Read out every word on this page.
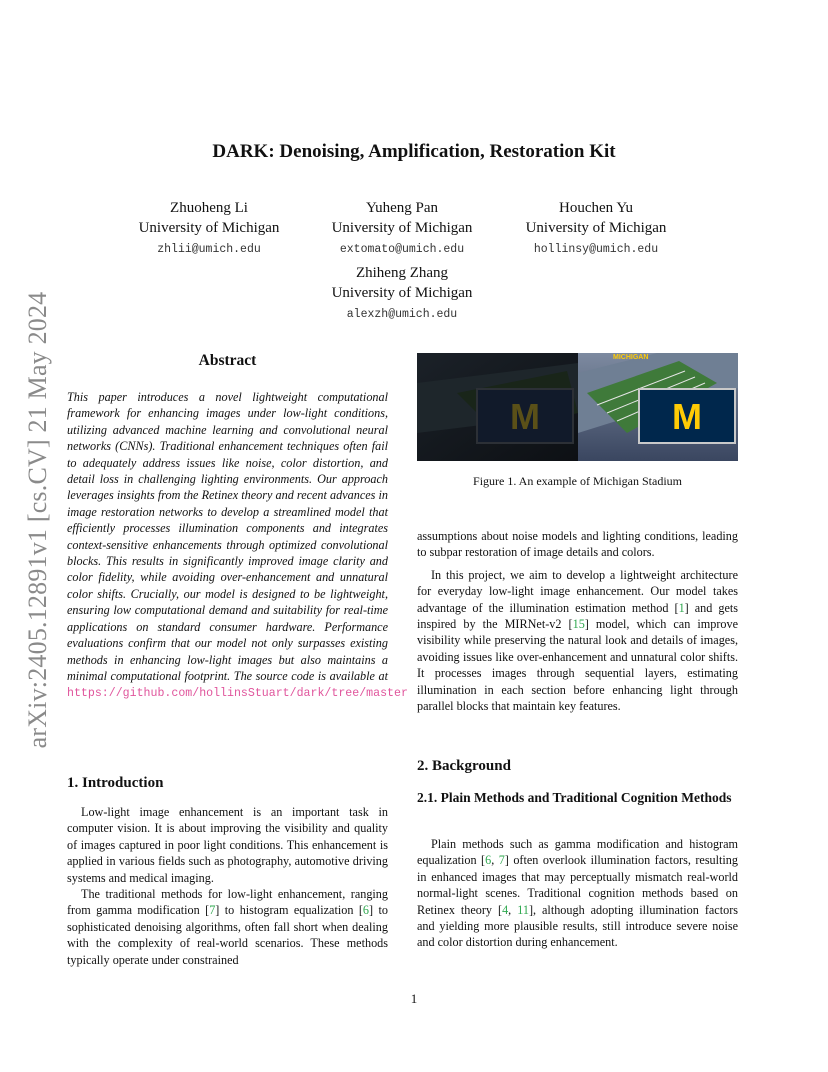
DARK: Denoising, Amplification, Restoration Kit
Zhuoheng Li
University of Michigan
zhlii@umich.edu
Yuheng Pan
University of Michigan
extomato@umich.edu
Houchen Yu
University of Michigan
hollinsy@umich.edu
Zhiheng Zhang
University of Michigan
alexzh@umich.edu
arXiv:2405.12891v1 [cs.CV] 21 May 2024	Abstract
This paper introduces a novel lightweight computational framework for enhancing images under low-light conditions, utilizing advanced machine learning and convolutional neural networks (CNNs). Traditional enhancement techniques often fail to adequately address issues like noise, color distortion, and detail loss in challenging lighting environments. Our approach leverages insights from the Retinex theory and recent advances in image restoration networks to develop a streamlined model that efficiently processes illumination components and integrates context-sensitive enhancements through optimized convolutional blocks. This results in significantly improved image clarity and color fidelity, while avoiding over-enhancement and unnatural color shifts. Crucially, our model is designed to be lightweight, ensuring low computational demand and suitability for real-time applications on standard consumer hardware. Performance evaluations confirm that our model not only surpasses existing methods in enhancing low-light images but also maintains a minimal computational footprint. The source code is available at https://github.com/hollinsStuart/dark/tree/master
1. Introduction

Low-light image enhancement is an important task in computer vision. It is about improving the visibility and quality of images captured in poor light conditions. This enhancement is applied in various fields such as photography, automotive driving systems and medical imaging.

The traditional methods for low-light enhancement, ranging from gamma modification [7] to histogram equalization [6] to sophisticated denoising algorithms, often fall short when dealing with the complexity of real-world scenarios. These methods typically operate under constrained

M	M
MICHIGAN
Figure 1. An example of Michigan Stadium

assumptions about noise models and lighting conditions, leading to subpar restoration of image details and colors.

In this project, we aim to develop a lightweight architecture for everyday low-light image enhancement. Our model takes advantage of the illumination estimation method [1] and gets inspired by the MIRNet-v2 [15] model, which can improve visibility while preserving the natural look and details of images, avoiding issues like over-enhancement and unnatural color shifts. It processes images through sequential layers, estimating illumination in each section before enhancing light through parallel blocks that maintain key features.

2. Background
2.1. Plain Methods and Traditional Cognition Methods

Plain methods such as gamma modification and histogram equalization [6, 7] often overlook illumination factors, resulting in enhanced images that may perceptually mismatch real-world normal-light scenes. Traditional cognition methods based on Retinex theory [4, 11], although adopting illumination factors and yielding more plausible results, still introduce severe noise and color distortion during enhancement.

1
